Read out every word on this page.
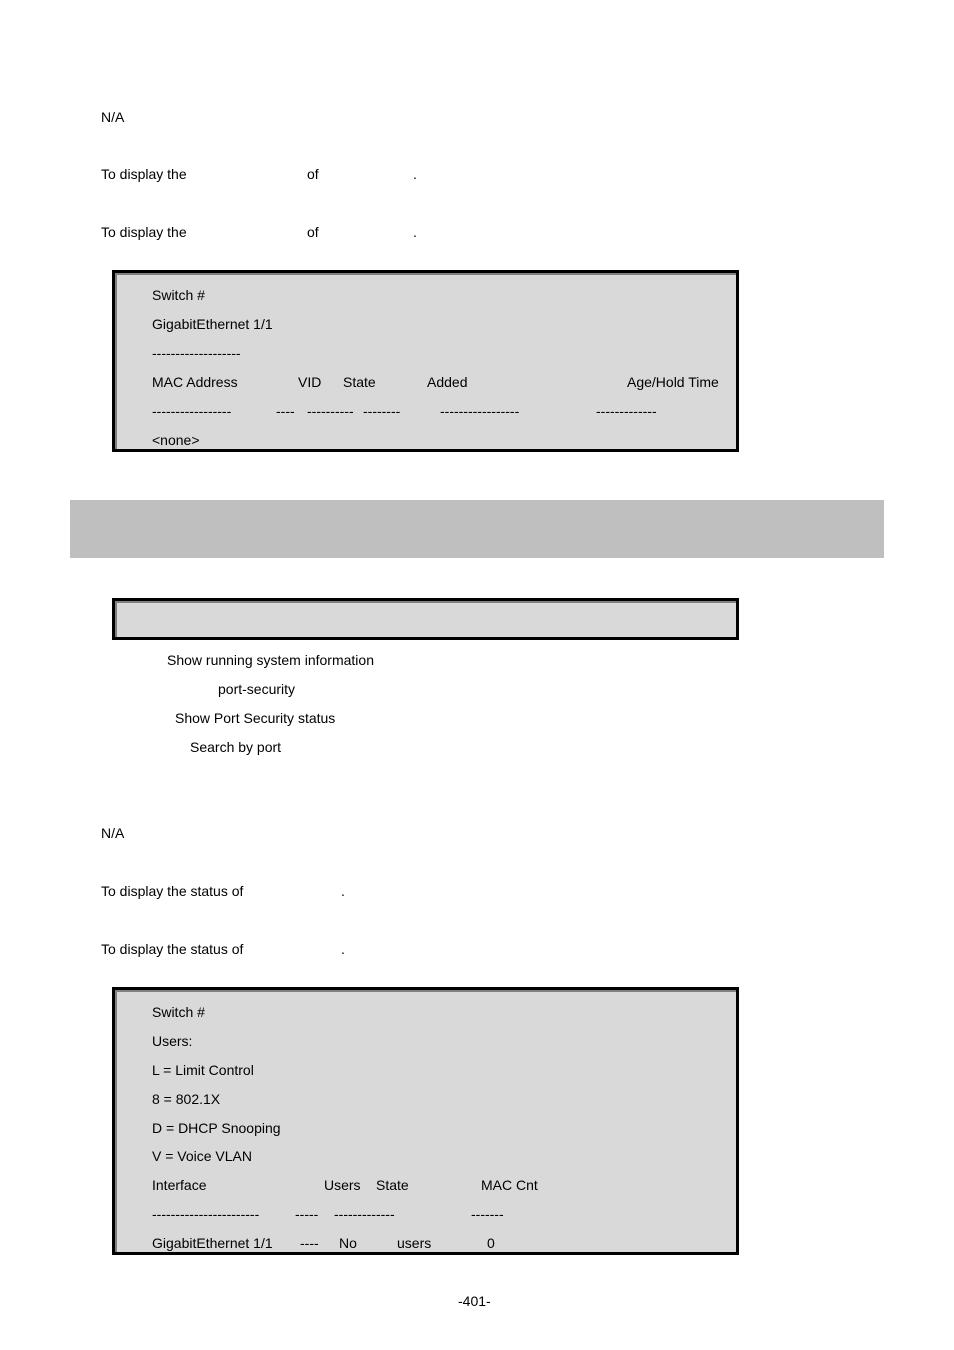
N/A
To display the	of	.
To display the	of	.
Switch #
GigabitEthernet 1/1
-------------------
MAC Address	VID State	Added	Age/Hold Time
-----------------	---- ---------- --------	-----------------	-------------
<none>
Show running system information
port-security
Show Port Security status
Search by port
N/A
To display the status of	.
To display the status of	.
Switch #
Users:
L = Limit Control
8 = 802.1X
D = DHCP Snooping
V = Voice VLAN
Interface	Users State	MAC Cnt
-----------------------	----- -------------	-------
GigabitEthernet 1/1 ---- No	users	0
-401-
